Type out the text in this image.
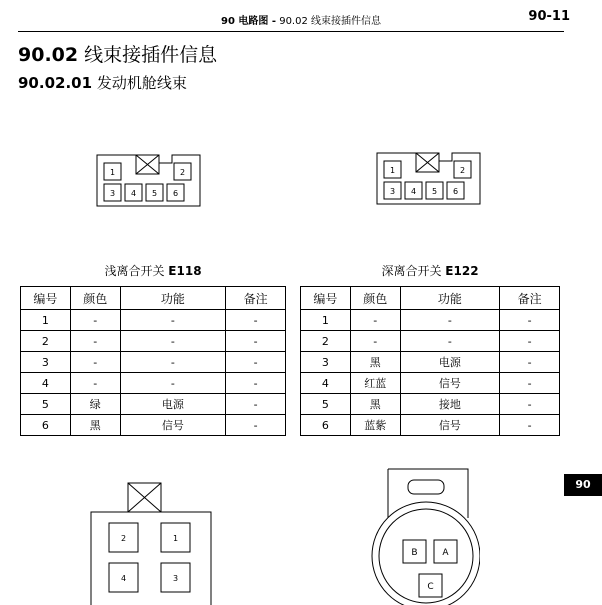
90 电路图 - 90.02 线束接插件信息	90-11
90.02 线束接插件信息
90.02.01 发动机舱线束
1	2
3 4 5 6
1	2
3 4 5 6
浅离合开关 E118	深离合开关 E122
编号	颜色	功能	备注
1	-	-	-
2	-	-	-
3	-	-	-
4	-	-	-
5	绿	电源	-
6	黑	信号	-
编号	颜色	功能	备注
1	-	-	-
2	-	-	-
3	黑	电源	-
4	红蓝	信号	-
5	黑	接地	-
6	蓝紫	信号	-
90
2	1
4	3
B	A
C
